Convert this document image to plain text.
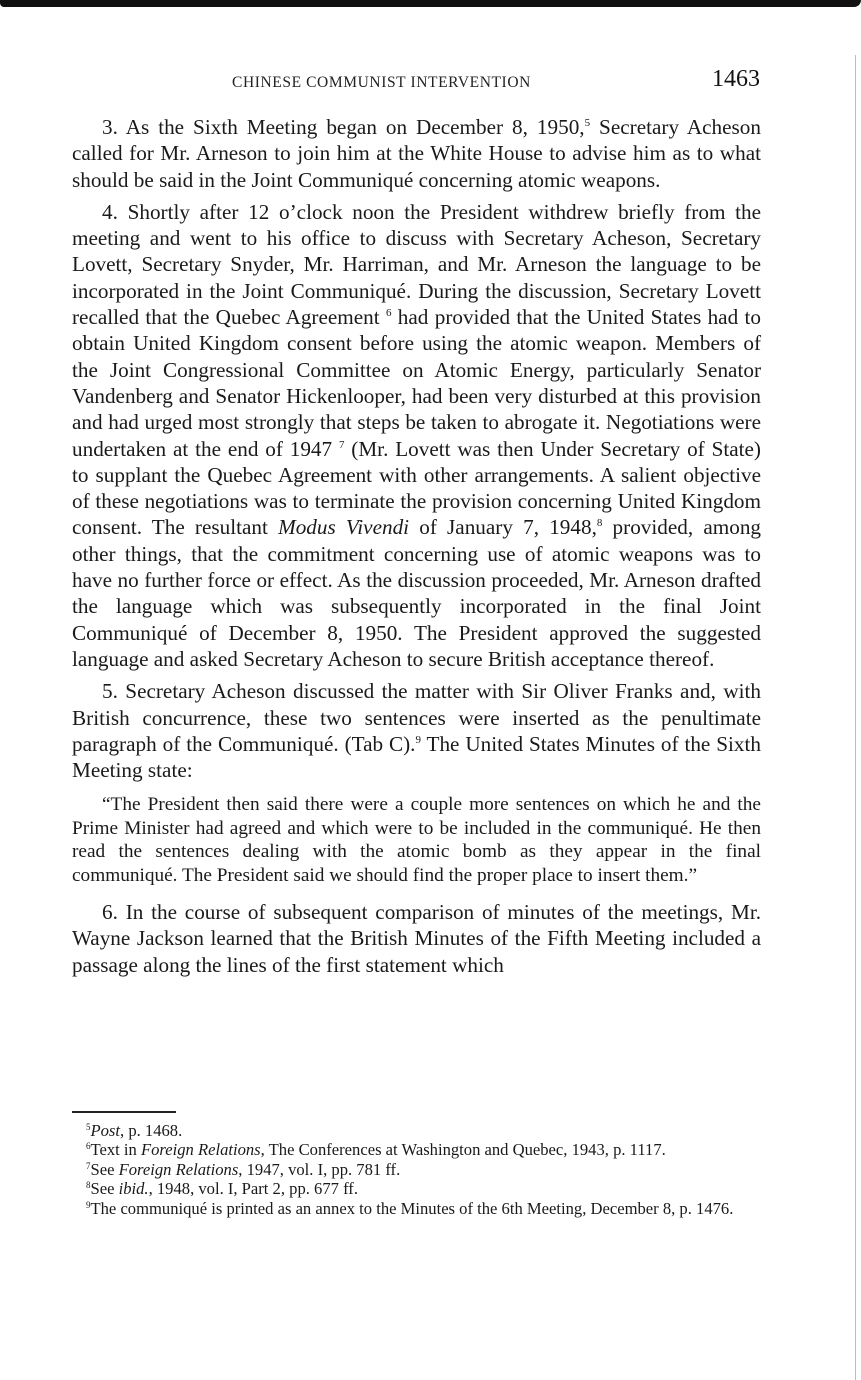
CHINESE COMMUNIST INTERVENTION	1463

3. As the Sixth Meeting began on December 8, 1950,$^5$ Secretary Acheson called for Mr. Arneson to join him at the White House to advise him as to what should be said in the Joint Communiqué concerning atomic weapons.

4. Shortly after 12 o’clock noon the President withdrew briefly from the meeting and went to his office to discuss with Secretary Acheson, Secretary Lovett, Secretary Snyder, Mr. Harriman, and Mr. Arneson the language to be incorporated in the Joint Communiqué. During the discussion, Secretary Lovett recalled that the Quebec Agreement $^6$ had provided that the United States had to obtain United Kingdom consent before using the atomic weapon. Members of the Joint Congressional Committee on Atomic Energy, particularly Senator Vandenberg and Senator Hickenlooper, had been very disturbed at this provision and had urged most strongly that steps be taken to abrogate it. Negotiations were undertaken at the end of 1947 $^7$ (Mr. Lovett was then Under Secretary of State) to supplant the Quebec Agreement with other arrangements. A salient objective of these negotiations was to terminate the provision concerning United Kingdom consent. The resultant Modus Vivendi of January 7, 1948,$^8$ provided, among other things, that the commitment concerning use of atomic weapons was to have no further force or effect. As the discussion proceeded, Mr. Arneson drafted the language which was subsequently incorporated in the final Joint Communiqué of December 8, 1950. The President approved the suggested language and asked Secretary Acheson to secure British acceptance thereof.

5. Secretary Acheson discussed the matter with Sir Oliver Franks and, with British concurrence, these two sentences were inserted as the penultimate paragraph of the Communiqué. (Tab C).$^9$ The United States Minutes of the Sixth Meeting state:

“The President then said there were a couple more sentences on which he and the Prime Minister had agreed and which were to be included in the communiqué. He then read the sentences dealing with the atomic bomb as they appear in the final communiqué. The President said we should find the proper place to insert them.”

6. In the course of subsequent comparison of minutes of the meetings, Mr. Wayne Jackson learned that the British Minutes of the Fifth Meeting included a passage along the lines of the first statement which

$^5$Post, p. 1468.

$^6$Text in Foreign Relations, The Conferences at Washington and Quebec, 1943, p. 1117.

$^7$See Foreign Relations, 1947, vol. I, pp. 781 ff.

$^8$See ibid., 1948, vol. I, Part 2, pp. 677 ff.

$^9$The communiqué is printed as an annex to the Minutes of the 6th Meeting, December 8, p. 1476.
